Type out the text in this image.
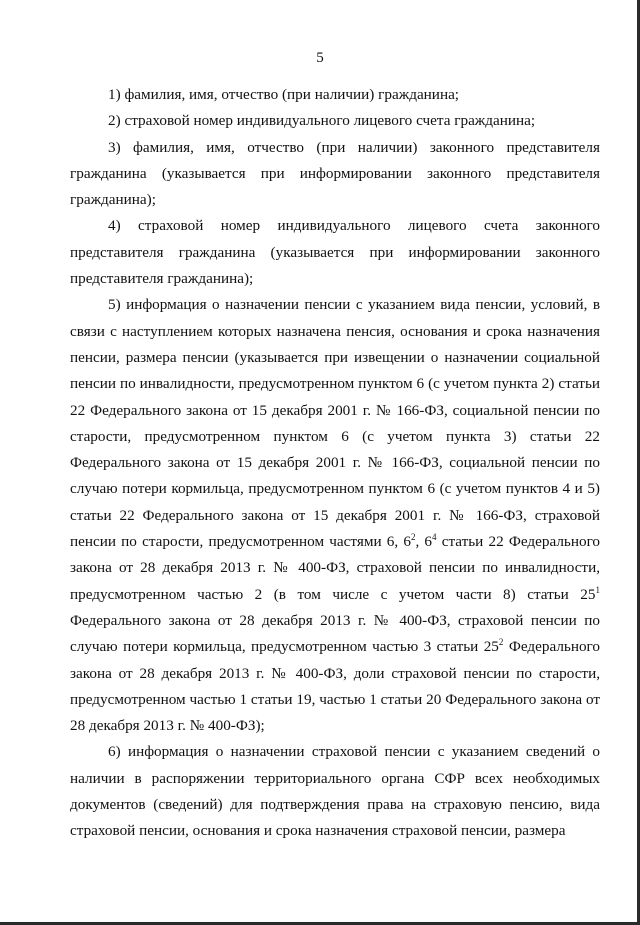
5

1) фамилия, имя, отчество (при наличии) гражданина;

2) страховой номер индивидуального лицевого счета гражданина;

3) фамилия, имя, отчество (при наличии) законного представителя гражданина (указывается при информировании законного представителя гражданина);

4) страховой номер индивидуального лицевого счета законного представителя гражданина (указывается при информировании законного представителя гражданина);

5) информация о назначении пенсии с указанием вида пенсии, условий, в связи с наступлением которых назначена пенсия, основания и срока назначения пенсии, размера пенсии (указывается при извещении о назначении социальной пенсии по инвалидности, предусмотренном пунктом 6 (с учетом пункта 2) статьи 22 Федерального закона от 15 декабря 2001 г. № 166-ФЗ, социальной пенсии по старости, предусмотренном пунктом 6 (с учетом пункта 3) статьи 22 Федерального закона от 15 декабря 2001 г. № 166-ФЗ, социальной пенсии по случаю потери кормильца, предусмотренном пунктом 6 (с учетом пунктов 4 и 5) статьи 22 Федерального закона от 15 декабря 2001 г. № 166-ФЗ, страховой пенсии по старости, предусмотренном частями 6, $6^2$, $6^4$ статьи 22 Федерального закона от 28 декабря 2013 г. № 400-ФЗ, страховой пенсии по инвалидности, предусмотренном частью 2 (в том числе с учетом части 8) статьи $25^1$ Федерального закона от 28 декабря 2013 г. № 400-ФЗ, страховой пенсии по случаю потери кормильца, предусмотренном частью 3 статьи $25^2$ Федерального закона от 28 декабря 2013 г. № 400-ФЗ, доли страховой пенсии по старости, предусмотренном частью 1 статьи 19, частью 1 статьи 20 Федерального закона от 28 декабря 2013 г. № 400-ФЗ);

6) информация о назначении страховой пенсии с указанием сведений о наличии в распоряжении территориального органа СФР всех необходимых документов (сведений) для подтверждения права на страховую пенсию, вида страховой пенсии, основания и срока назначения страховой пенсии, размера
